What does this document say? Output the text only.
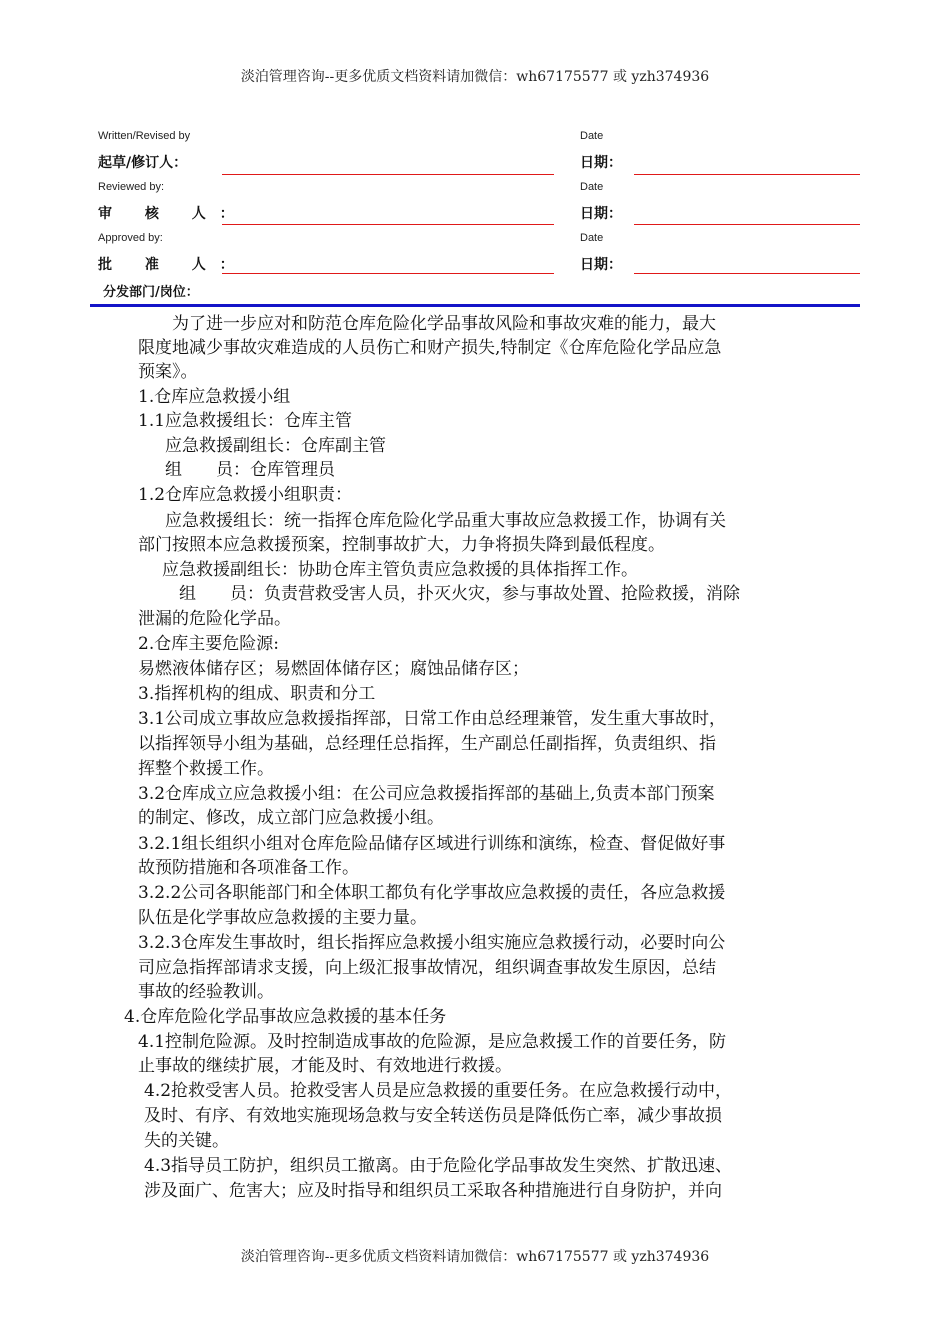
淡泊管理咨询--更多优质文档资料请加微信：wh67175577 或 yzh374936
Written/Revised by
起草/修订人：
Date
日期：
Reviewed by:
审 核 人：
Date
日期：
Approved by:
批 准 人：
Date
日期：
分发部门/岗位：
为了进一步应对和防范仓库危险化学品事故风险和事故灾难的能力，最大
限度地减少事故灾难造成的人员伤亡和财产损失,特制定《仓库危险化学品应急
预案》。
1.仓库应急救援小组
1.1应急救援组长：仓库主管
应急救援副组长：仓库副主管
组　　员：仓库管理员
1.2仓库应急救援小组职责：
应急救援组长：统一指挥仓库危险化学品重大事故应急救援工作，协调有关
部门按照本应急救援预案，控制事故扩大，力争将损失降到最低程度。
应急救援副组长：协助仓库主管负责应急救援的具体指挥工作。
组　　员：负责营救受害人员，扑灭火灾，参与事故处置、抢险救援，消除
泄漏的危险化学品。
2.仓库主要危险源:
易燃液体储存区；易燃固体储存区；腐蚀品储存区；
3.指挥机构的组成、职责和分工
3.1公司成立事故应急救援指挥部，日常工作由总经理兼管，发生重大事故时，
以指挥领导小组为基础，总经理任总指挥，生产副总任副指挥，负责组织、指
挥整个救援工作。
3.2仓库成立应急救援小组：在公司应急救援指挥部的基础上,负责本部门预案
的制定、修改，成立部门应急救援小组。
3.2.1组长组织小组对仓库危险品储存区域进行训练和演练，检查、督促做好事
故预防措施和各项准备工作。
3.2.2公司各职能部门和全体职工都负有化学事故应急救援的责任，各应急救援
队伍是化学事故应急救援的主要力量。
3.2.3仓库发生事故时，组长指挥应急救援小组实施应急救援行动，必要时向公
司应急指挥部请求支援，向上级汇报事故情况，组织调查事故发生原因，总结
事故的经验教训。
4.仓库危险化学品事故应急救援的基本任务
4.1控制危险源。及时控制造成事故的危险源，是应急救援工作的首要任务，防
止事故的继续扩展，才能及时、有效地进行救援。
4.2抢救受害人员。抢救受害人员是应急救援的重要任务。在应急救援行动中，
及时、有序、有效地实施现场急救与安全转送伤员是降低伤亡率，减少事故损
失的关键。
4.3指导员工防护，组织员工撤离。由于危险化学品事故发生突然、扩散迅速、
涉及面广、危害大；应及时指导和组织员工采取各种措施进行自身防护，并向
淡泊管理咨询--更多优质文档资料请加微信：wh67175577 或 yzh374936
